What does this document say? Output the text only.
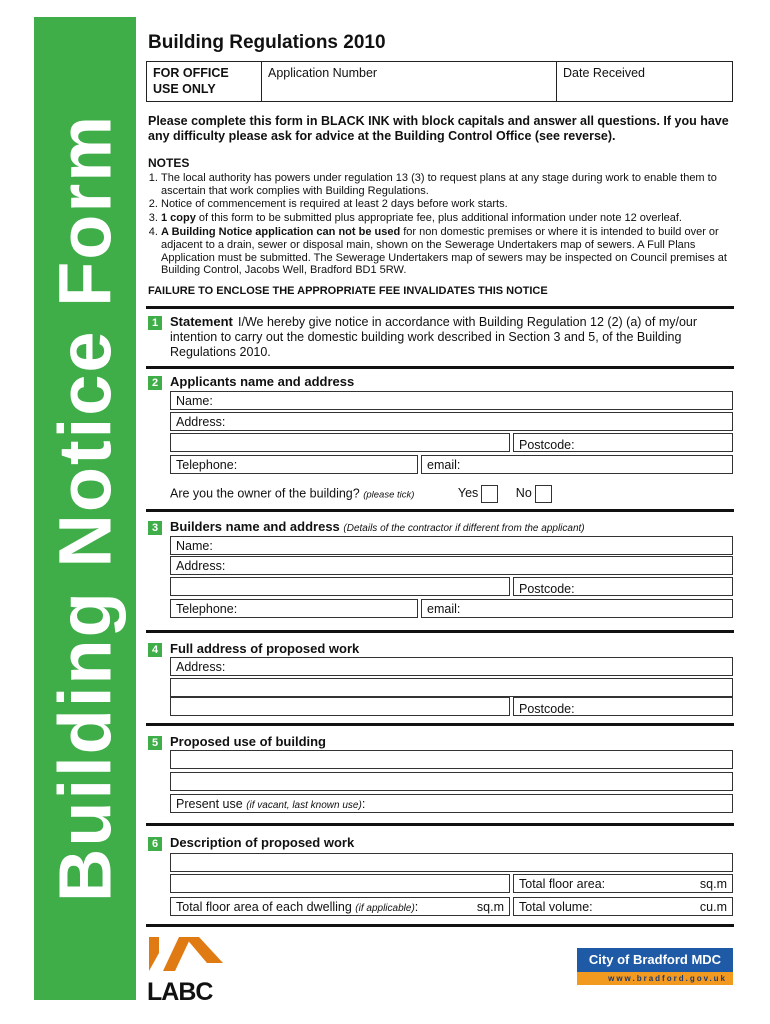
Building Notice Form
Building Regulations 2010
FOR OFFICE USE ONLY
Application Number	Date Received
Please complete this form in BLACK INK with block capitals and answer all questions. If you have any difficulty please ask for advice at the Building Control Office (see reverse).
NOTES
1. The local authority has powers under regulation 13 (3) to request plans at any stage during work to enable them to ascertain that work complies with Building Regulations.
2. Notice of commencement is required at least 2 days before work starts.
3. 1 copy of this form to be submitted plus appropriate fee, plus additional information under note 12 overleaf.
4. A Building Notice application can not be used for non domestic premises or where it is intended to build over or adjacent to a drain, sewer or disposal main, shown on the Sewerage Undertakers map of sewers. A Full Plans Application must be submitted. The Sewerage Undertakers map of sewers may be inspected on Council premises at Building Control, Jacobs Well, Bradford BD1 5RW.
FAILURE TO ENCLOSE THE APPROPRIATE FEE INVALIDATES THIS NOTICE
1 Statement I/We hereby give notice in accordance with Building Regulation 12 (2) (a) of my/our intention to carry out the domestic building work described in Section 3 and 5, of the Building Regulations 2010.
2 Applicants name and address
Name:
Address:
Postcode:
Telephone:	email:
Are you the owner of the building? (please tick)	Yes	No
3 Builders name and address (Details of the contractor if different from the applicant)
Name:
Address:
Postcode:
Telephone:	email:
4 Full address of proposed work
Address:
Postcode:
5 Proposed use of building
Present use (if vacant, last known use):
6 Description of proposed work
Total floor area:	sq.m
Total floor area of each dwelling (if applicable):	sq.m	Total volume:	cu.m
LABC
City of Bradford MDC
www.bradford.gov.uk
